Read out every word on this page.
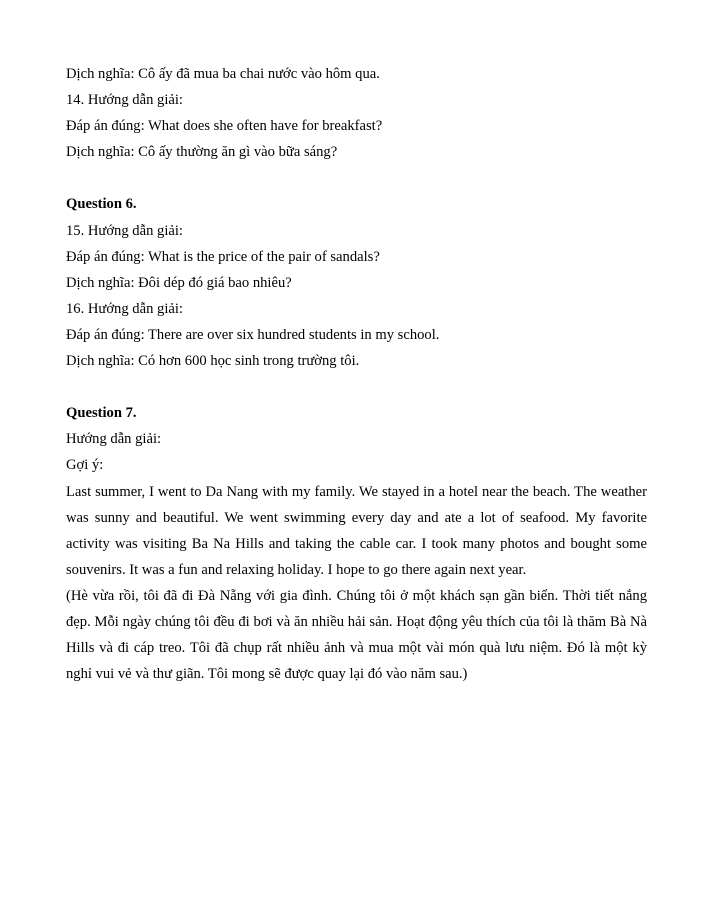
Dịch nghĩa: Cô ấy đã mua ba chai nước vào hôm qua.
14. Hướng dẫn giải:
Đáp án đúng: What does she often have for breakfast?
Dịch nghĩa: Cô ấy thường ăn gì vào bữa sáng?
Question 6.
15. Hướng dẫn giải:
Đáp án đúng: What is the price of the pair of sandals?
Dịch nghĩa: Đôi dép đó giá bao nhiêu?
16. Hướng dẫn giải:
Đáp án đúng: There are over six hundred students in my school.
Dịch nghĩa: Có hơn 600 học sinh trong trường tôi.
Question 7.
Hướng dẫn giải:
Gợi ý:

Last summer, I went to Da Nang with my family. We stayed in a hotel near the beach. The weather was sunny and beautiful. We went swimming every day and ate a lot of seafood. My favorite activity was visiting Ba Na Hills and taking the cable car. I took many photos and bought some souvenirs. It was a fun and relaxing holiday. I hope to go there again next year.

(Hè vừa rồi, tôi đã đi Đà Nẵng với gia đình. Chúng tôi ở một khách sạn gần biển. Thời tiết nắng đẹp. Mỗi ngày chúng tôi đều đi bơi và ăn nhiều hải sản. Hoạt động yêu thích của tôi là thăm Bà Nà Hills và đi cáp treo. Tôi đã chụp rất nhiều ảnh và mua một vài món quà lưu niệm. Đó là một kỳ nghỉ vui vẻ và thư giãn. Tôi mong sẽ được quay lại đó vào năm sau.)
